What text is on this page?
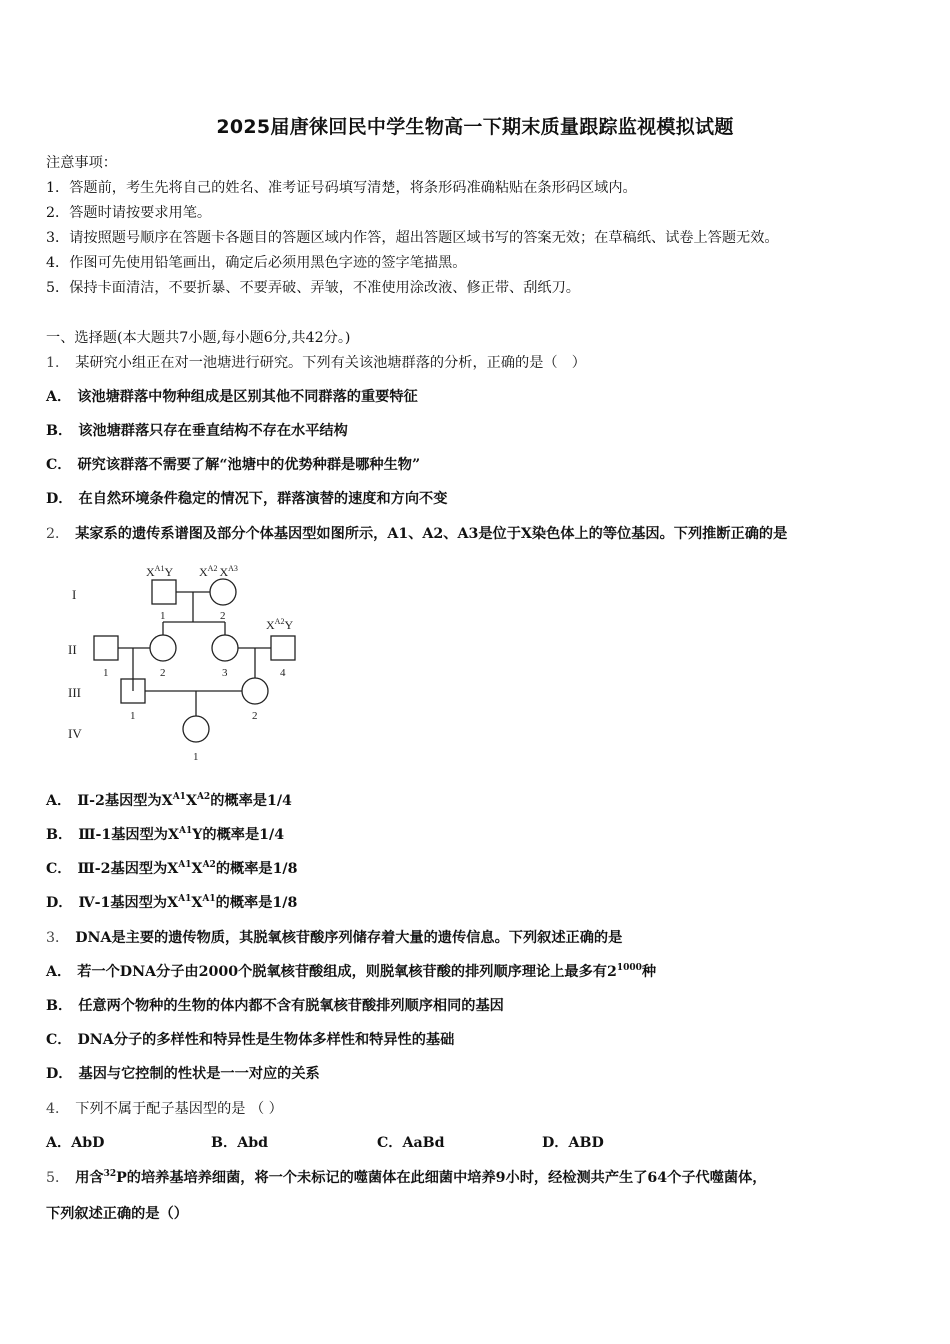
2025届唐徕回民中学生物高一下期末质量跟踪监视模拟试题
注意事项：
1．答题前，考生先将自己的姓名、准考证号码填写清楚，将条形码准确粘贴在条形码区域内。
2．答题时请按要求用笔。
3．请按照题号顺序在答题卡各题目的答题区域内作答，超出答题区域书写的答案无效；在草稿纸、试卷上答题无效。
4．作图可先使用铅笔画出，确定后必须用黑色字迹的签字笔描黑。
5．保持卡面清洁，不要折暴、不要弄破、弄皱，不准使用涂改液、修正带、刮纸刀。
一、选择题(本大题共7小题,每小题6分,共42分。)
1． 某研究小组正在对一池塘进行研究。下列有关该池塘群落的分析，正确的是（　）
A． 该池塘群落中物种组成是区别其他不同群落的重要特征
B． 该池塘群落只存在垂直结构不存在水平结构
C． 研究该群落不需要了解“池塘中的优势种群是哪种生物”
D． 在自然环境条件稳定的情况下，群落演替的速度和方向不变
2． 某家系的遗传系谱图及部分个体基因型如图所示，A1、A2、A3是位于X染色体上的等位基因。下列推断正确的是
I
II
III
IV
1	2
1	2	3	4
1	2
1
$X^{A1}Y$ $X^{A2}$ $X^{A3}$
$X^{A2}Y$
A． Ⅱ-2基因型为$X^{A1}X^{A2}$的概率是1/4
B． Ⅲ-1基因型为$X^{A1}Y$的概率是1/4
C． Ⅲ-2基因型为$X^{A1}X^{A2}$的概率是1/8
D． Ⅳ-1基因型为$X^{A1}X^{A1}$的概率是1/8
3． DNA是主要的遗传物质，其脱氧核苷酸序列储存着大量的遗传信息。下列叙述正确的是
A． 若一个DNA分子由2000个脱氧核苷酸组成，则脱氧核苷酸的排列顺序理论上最多有$2^{1000}$种
B． 任意两个物种的生物的体内都不含有脱氧核苷酸排列顺序相同的基因
C． DNA分子的多样性和特异性是生物体多样性和特异性的基础
D． 基因与它控制的性状是一一对应的关系
4． 下列不属于配子基因型的是 （ ）
A．AbD	B．Abd	C．AaBd	D．ABD
5． 用含$^{32}$P的培养基培养细菌，将一个未标记的噬菌体在此细菌中培养9小时，经检测共产生了64个子代噬菌体，
下列叙述正确的是（）
